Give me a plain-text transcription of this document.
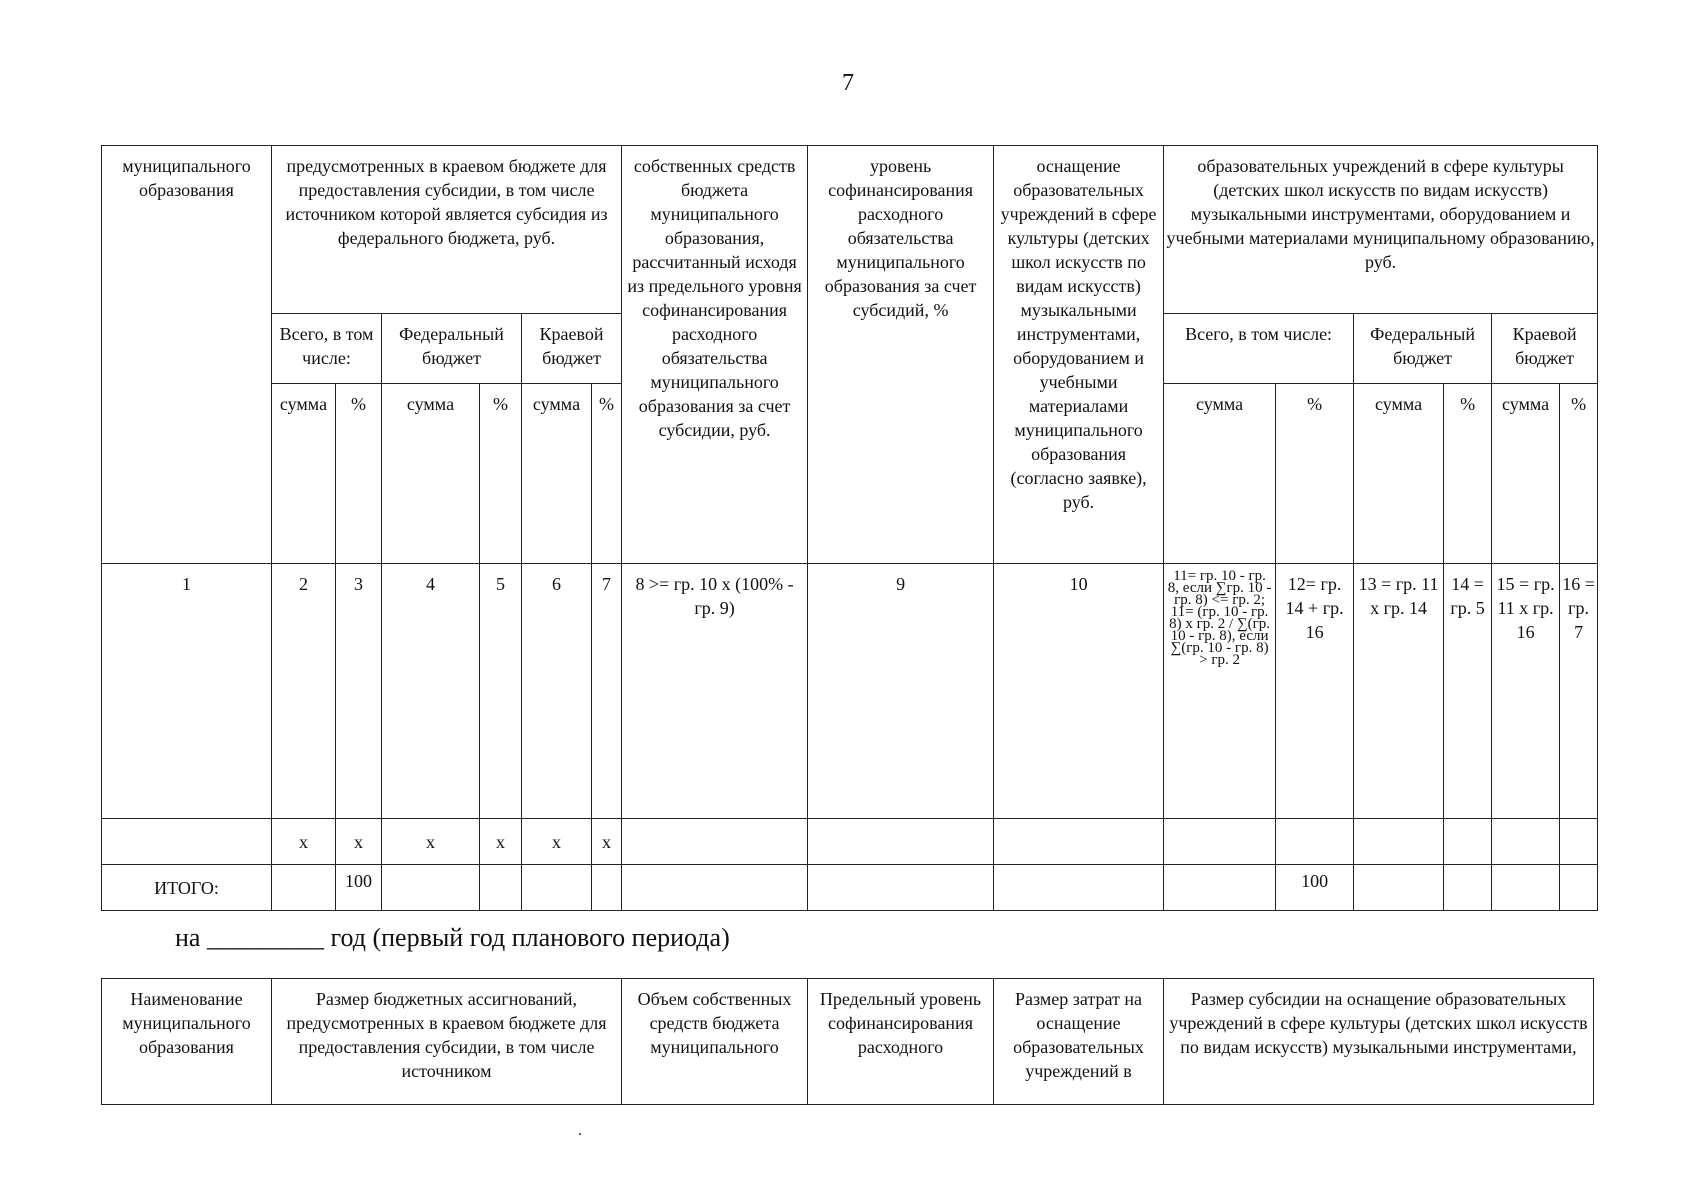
7
муниципального образования	предусмотренных в краевом бюджете для предоставления субсидии, в том числе источником которой является субсидия из федерального бюджета, руб.						собственных средств бюджета муниципального образования, рассчитанный исходя из предельного уровня софинансирования расходного обязательства муниципального образования за счет субсидии, руб.	уровень софинансирования расходного обязательства муниципального образования за счет субсидий, %	оснащение образовательных учреждений в сфере культуры (детских школ искусств по видам искусств) музыкальными инструментами, оборудованием и учебными материалами муниципального образования (согласно заявке), руб.	образовательных учреждений в сфере культуры (детских школ искусств по видам искусств) музыкальными инструментами, оборудованием и учебными материалами муниципальному образованию, руб.					
	Всего, в том числе:		Федеральный бюджет		Краевой бюджет					Всего, в том числе:		Федеральный бюджет		Краевой бюджет	
	сумма	%	сумма	%	сумма	%				сумма	%	сумма	%	сумма	%
1	2	3	4	5	6	7	8 >= гр. 10 x (100% - гр. 9)	9	10	11= гр. 10 - гр. 8, если ∑гр. 10 - гр. 8) <= гр. 2; 11= (гр. 10 - гр. 8) х гр. 2 / ∑(гр. 10 - гр. 8), если ∑(гр. 10 - гр. 8) > гр. 2	12= гр. 14 + гр. 16	13 = гр. 11 х гр. 14	14 = гр. 5	15 = гр. 11 х гр. 16	16 = гр. 7
	х	х	х	х	х	х									
ИТОГО:		100									100				
на _________ год (первый год планового периода)
Наименование муниципального образования	Размер бюджетных ассигнований, предусмотренных в краевом бюджете для предоставления субсидии, в том числе источником	Объем собственных средств бюджета муниципального	Предельный уровень софинансирования расходного	Размер затрат на оснащение образовательных учреждений в	Размер субсидии на оснащение образовательных учреждений в сфере культуры (детских школ искусств по видам искусств) музыкальными инструментами,
.
